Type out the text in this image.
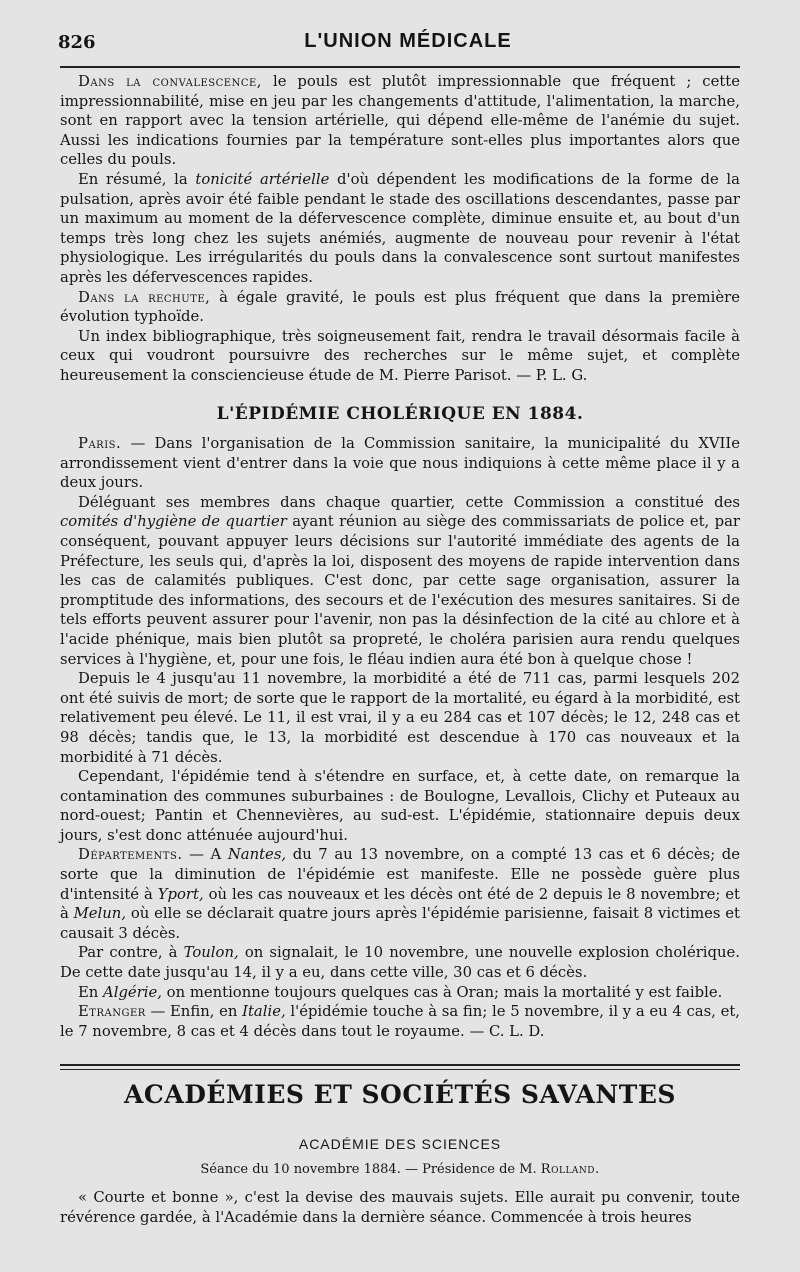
826	L'UNION MÉDICALE

Dans la convalescence, le pouls est plutôt impressionnable que fréquent ; cette impressionnabilité, mise en jeu par les changements d'attitude, l'alimentation, la marche, sont en rapport avec la tension artérielle, qui dépend elle-même de l'anémie du sujet. Aussi les indications fournies par la température sont-elles plus importantes alors que celles du pouls.

En résumé, la tonicité artérielle d'où dépendent les modifications de la forme de la pulsation, après avoir été faible pendant le stade des oscillations descendantes, passe par un maximum au moment de la défervescence complète, diminue ensuite et, au bout d'un temps très long chez les sujets anémiés, augmente de nouveau pour revenir à l'état physiologique. Les irrégularités du pouls dans la convalescence sont surtout manifestes après les défervescences rapides.

Dans la rechute, à égale gravité, le pouls est plus fréquent que dans la première évolution typhoïde.

Un index bibliographique, très soigneusement fait, rendra le travail désormais facile à ceux qui voudront poursuivre des recherches sur le même sujet, et complète heureusement la consciencieuse étude de M. Pierre Parisot. — P. L. G.

L'ÉPIDÉMIE CHOLÉRIQUE EN 1884.

Paris. — Dans l'organisation de la Commission sanitaire, la municipalité du XVIIe arrondissement vient d'entrer dans la voie que nous indiquions à cette même place il y a deux jours.

Déléguant ses membres dans chaque quartier, cette Commission a constitué des comités d'hygiène de quartier ayant réunion au siège des commissariats de police et, par conséquent, pouvant appuyer leurs décisions sur l'autorité immédiate des agents de la Préfecture, les seuls qui, d'après la loi, disposent des moyens de rapide intervention dans les cas de calamités publiques. C'est donc, par cette sage organisation, assurer la promptitude des informations, des secours et de l'exécution des mesures sanitaires. Si de tels efforts peuvent assurer pour l'avenir, non pas la désinfection de la cité au chlore et à l'acide phénique, mais bien plutôt sa propreté, le choléra parisien aura rendu quelques services à l'hygiène, et, pour une fois, le fléau indien aura été bon à quelque chose !

Depuis le 4 jusqu'au 11 novembre, la morbidité a été de 711 cas, parmi lesquels 202 ont été suivis de mort; de sorte que le rapport de la mortalité, eu égard à la morbidité, est relativement peu élevé. Le 11, il est vrai, il y a eu 284 cas et 107 décès; le 12, 248 cas et 98 décès; tandis que, le 13, la morbidité est descendue à 170 cas nouveaux et la morbidité à 71 décès.

Cependant, l'épidémie tend à s'étendre en surface, et, à cette date, on remarque la contamination des communes suburbaines : de Boulogne, Levallois, Clichy et Puteaux au nord-ouest; Pantin et Chennevières, au sud-est. L'épidémie, stationnaire depuis deux jours, s'est donc atténuée aujourd'hui.

Départements. — A Nantes, du 7 au 13 novembre, on a compté 13 cas et 6 décès; de sorte que la diminution de l'épidémie est manifeste. Elle ne possède guère plus d'intensité à Yport, où les cas nouveaux et les décès ont été de 2 depuis le 8 novembre; et à Melun, où elle se déclarait quatre jours après l'épidémie parisienne, faisait 8 victimes et causait 3 décès.

Par contre, à Toulon, on signalait, le 10 novembre, une nouvelle explosion cholérique. De cette date jusqu'au 14, il y a eu, dans cette ville, 30 cas et 6 décès.

En Algérie, on mentionne toujours quelques cas à Oran; mais la mortalité y est faible.

Etranger — Enfin, en Italie, l'épidémie touche à sa fin; le 5 novembre, il y a eu 4 cas, et, le 7 novembre, 8 cas et 4 décès dans tout le royaume. — C. L. D.

ACADÉMIES ET SOCIÉTÉS SAVANTES
ACADÉMIE DES SCIENCES
Séance du 10 novembre 1884. — Présidence de M. Rolland.

« Courte et bonne », c'est la devise des mauvais sujets. Elle aurait pu convenir, toute révérence gardée, à l'Académie dans la dernière séance. Commencée à trois heures
